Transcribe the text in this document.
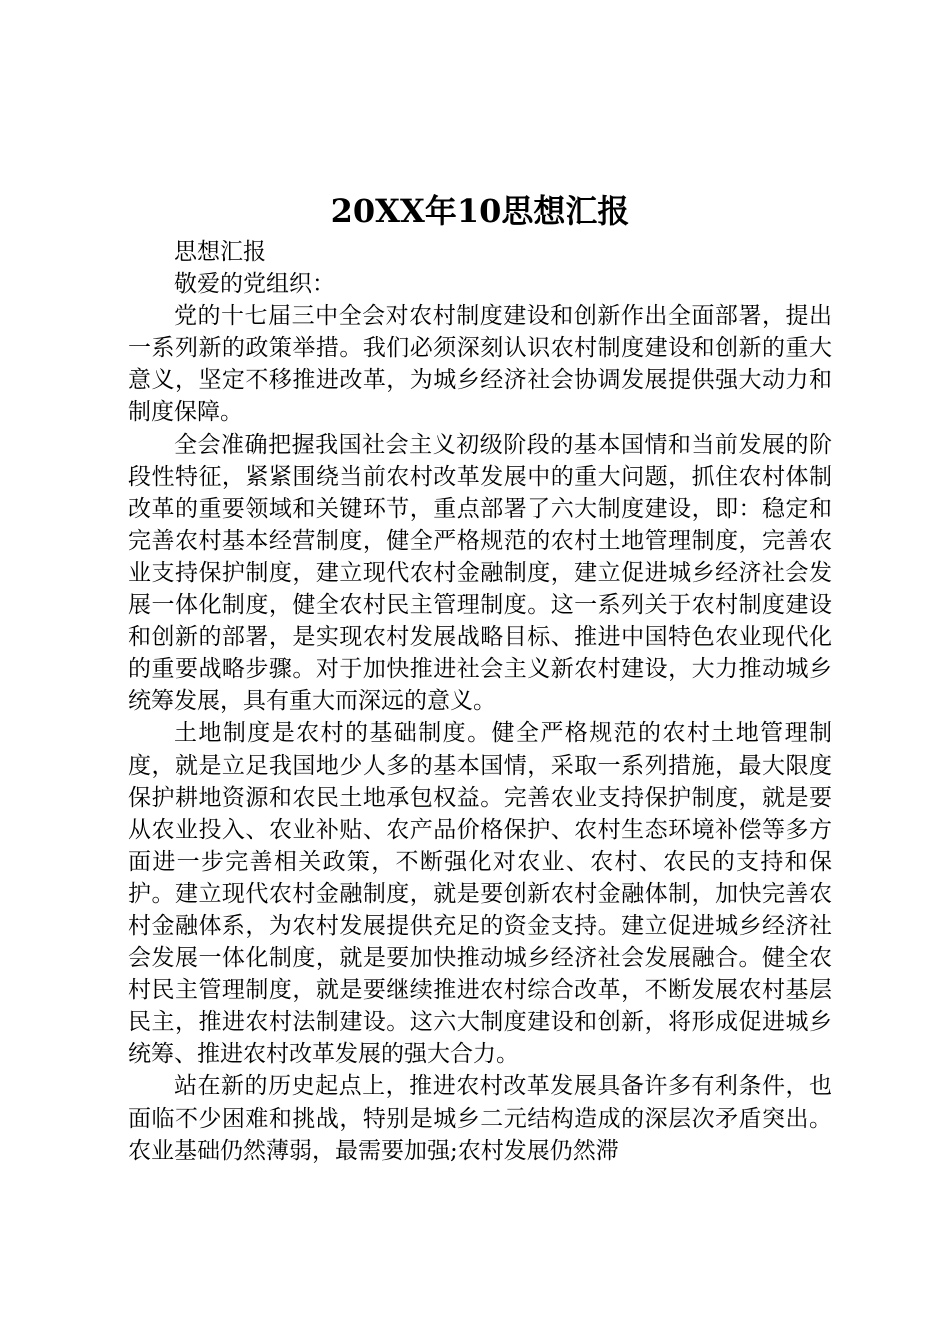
20XX年10思想汇报

思想汇报

敬爱的党组织：

党的十七届三中全会对农村制度建设和创新作出全面部署，提出一系列新的政策举措。我们必须深刻认识农村制度建设和创新的重大意义，坚定不移推进改革，为城乡经济社会协调发展提供强大动力和制度保障。

全会准确把握我国社会主义初级阶段的基本国情和当前发展的阶段性特征，紧紧围绕当前农村改革发展中的重大问题，抓住农村体制改革的重要领域和关键环节，重点部署了六大制度建设，即：稳定和完善农村基本经营制度，健全严格规范的农村土地管理制度，完善农业支持保护制度，建立现代农村金融制度，建立促进城乡经济社会发展一体化制度，健全农村民主管理制度。这一系列关于农村制度建设和创新的部署，是实现农村发展战略目标、推进中国特色农业现代化的重要战略步骤。对于加快推进社会主义新农村建设，大力推动城乡统筹发展，具有重大而深远的意义。

土地制度是农村的基础制度。健全严格规范的农村土地管理制度，就是立足我国地少人多的基本国情，采取一系列措施，最大限度保护耕地资源和农民土地承包权益。完善农业支持保护制度，就是要从农业投入、农业补贴、农产品价格保护、农村生态环境补偿等多方面进一步完善相关政策，不断强化对农业、农村、农民的支持和保护。建立现代农村金融制度，就是要创新农村金融体制，加快完善农村金融体系，为农村发展提供充足的资金支持。建立促进城乡经济社会发展一体化制度，就是要加快推动城乡经济社会发展融合。健全农村民主管理制度，就是要继续推进农村综合改革，不断发展农村基层民主，推进农村法制建设。这六大制度建设和创新，将形成促进城乡统筹、推进农村改革发展的强大合力。

站在新的历史起点上，推进农村改革发展具备许多有利条件，也面临不少困难和挑战，特别是城乡二元结构造成的深层次矛盾突出。农业基础仍然薄弱，最需要加强;农村发展仍然滞
